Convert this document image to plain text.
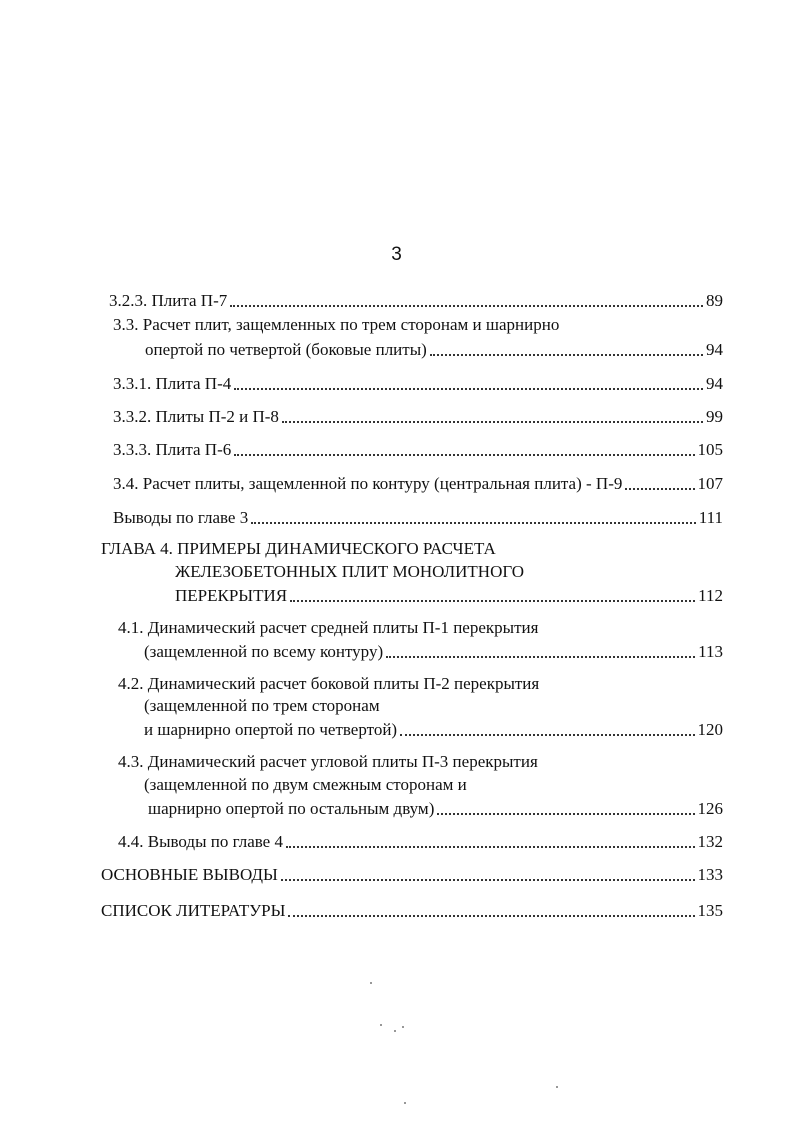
3
3.2.3. Плита П-7	89
3.3. Расчет плит, защемленных по трем сторонам и шарнирно
опертой по четвертой (боковые плиты)	94
3.3.1. Плита П-4	94
3.3.2. Плиты П-2 и П-8	99
3.3.3. Плита П-6	105
3.4. Расчет плиты, защемленной по контуру (центральная плита) - П-9	107
Выводы по главе 3	111
ГЛАВА 4. ПРИМЕРЫ ДИНАМИЧЕСКОГО РАСЧЕТА
ЖЕЛЕЗОБЕТОННЫХ ПЛИТ МОНОЛИТНОГО
ПЕРЕКРЫТИЯ	112
4.1. Динамический расчет средней плиты П-1 перекрытия
(защемленной по всему контуру)	113
4.2. Динамический расчет боковой плиты П-2 перекрытия
(защемленной по трем сторонам
и шарнирно опертой по четвертой)	120
4.3. Динамический расчет угловой плиты П-3 перекрытия
(защемленной по двум смежным сторонам и
шарнирно опертой по остальным двум)	126
4.4. Выводы по главе 4	132
ОСНОВНЫЕ ВЫВОДЫ	133
СПИСОК ЛИТЕРАТУРЫ	135
